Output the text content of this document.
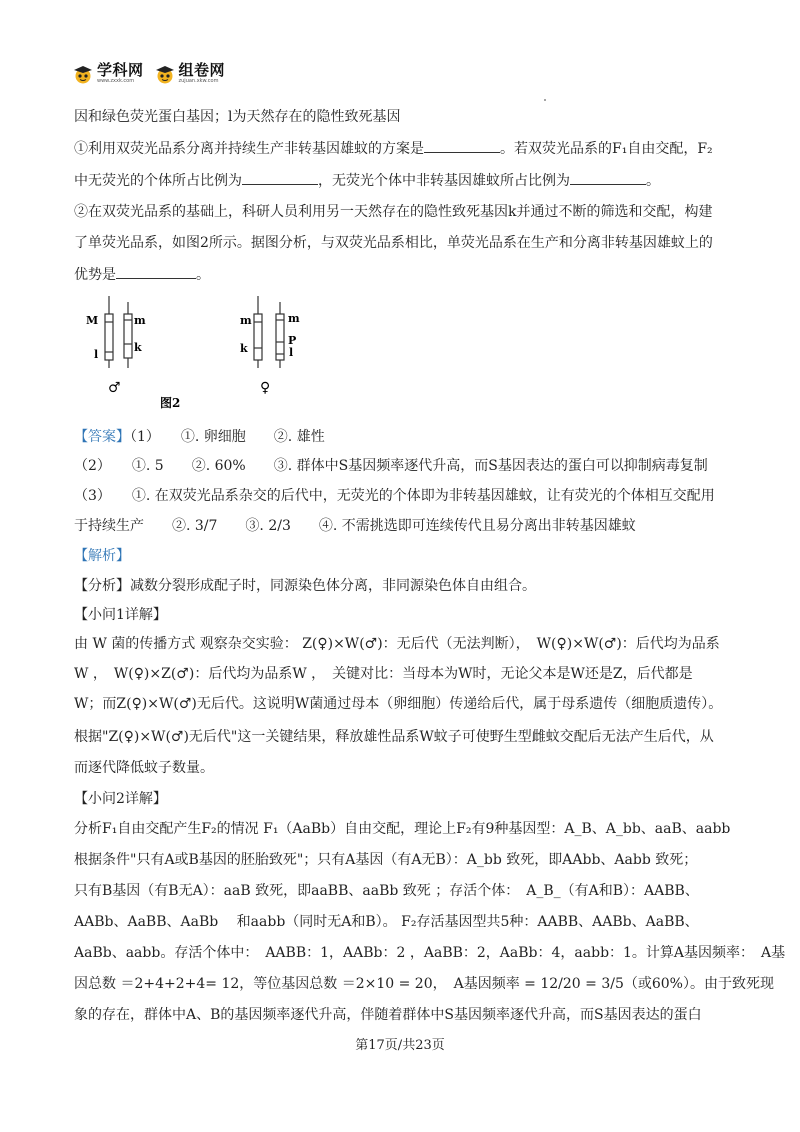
学科网
www.zxxk.com
组卷网
zujuan.xkw.com
因和绿色荧光蛋白基因；l为天然存在的隐性致死基因
①利用双荧光品系分离并持续生产非转基因雄蚊的方案是	。若双荧光品系的F₁自由交配，F₂
中无荧光的个体所占比例为	，无荧光个体中非转基因雄蚊所占比例为	。
②在双荧光品系的基础上，科研人员利用另一天然存在的隐性致死基因k并通过不断的筛选和交配，构建
了单荧光品系，如图2所示。据图分析，与双荧光品系相比，单荧光品系在生产和分离非转基因雄蚊上的
优势是	。
M
l
m
k
♂
m
k
m
P
l
♀
图2
【答案】（1）　　①. 卵细胞　　②. 雄性
（2）　　①. 5　　②. 60%　　③. 群体中S基因频率逐代升高，而S基因表达的蛋白可以抑制病毒复制
（3）　　①. 在双荧光品系杂交的后代中，无荧光的个体即为非转基因雄蚊，让有荧光的个体相互交配用
于持续生产　　②. 3/7　　③. 2/3　　④. 不需挑选即可连续传代且易分离出非转基因雄蚊
【解析】
【分析】减数分裂形成配子时，同源染色体分离，非同源染色体自由组合。
【小问1详解】
由 W 菌的传播方式 观察杂交实验： Z(♀)×W(♂)：无后代（无法判断），　W(♀)×W(♂)：后代均为品系
W ，　W(♀)×Z(♂)：后代均为品系W ，　关键对比：当母本为W时，无论父本是W还是Z，后代都是
W；而Z(♀)×W(♂)无后代。这说明W菌通过母本（卵细胞）传递给后代，属于母系遗传（细胞质遗传）。
根据"Z(♀)×W(♂)无后代"这一关键结果，释放雄性品系W蚊子可使野生型雌蚊交配后无法产生后代，从
而逐代降低蚊子数量。
【小问2详解】
分析F₁自由交配产生F₂的情况 F₁（AaBb）自由交配，理论上F₂有9种基因型：A_B、A_bb、aaB、aabb
根据条件"只有A或B基因的胚胎致死"；只有A基因（有A无B）：A_bb 致死，即AAbb、Aabb 致死；
只有B基因（有B无A）：aaB 致死，即aaBB、aaBb 致死 ；存活个体：　A_B_（有A和B）：AABB、
AABb、AaBB、AaBb　 和aabb（同时无A和B）。 F₂存活基因型共5种：AABB、AABb、AaBB、
AaBb、aabb。存活个体中：　AABB：1，AABb：2 ，AaBB：2，AaBb：4，aabb：1。计算A基因频率：　A基
因总数 ＝2+4+2+4= 12，等位基因总数 ＝2×10 = 20，　A基因频率 = 12/20 = 3/5（或60%）。由于致死现
象的存在，群体中A、B的基因频率逐代升高，伴随着群体中S基因频率逐代升高，而S基因表达的蛋白
第17页/共23页
